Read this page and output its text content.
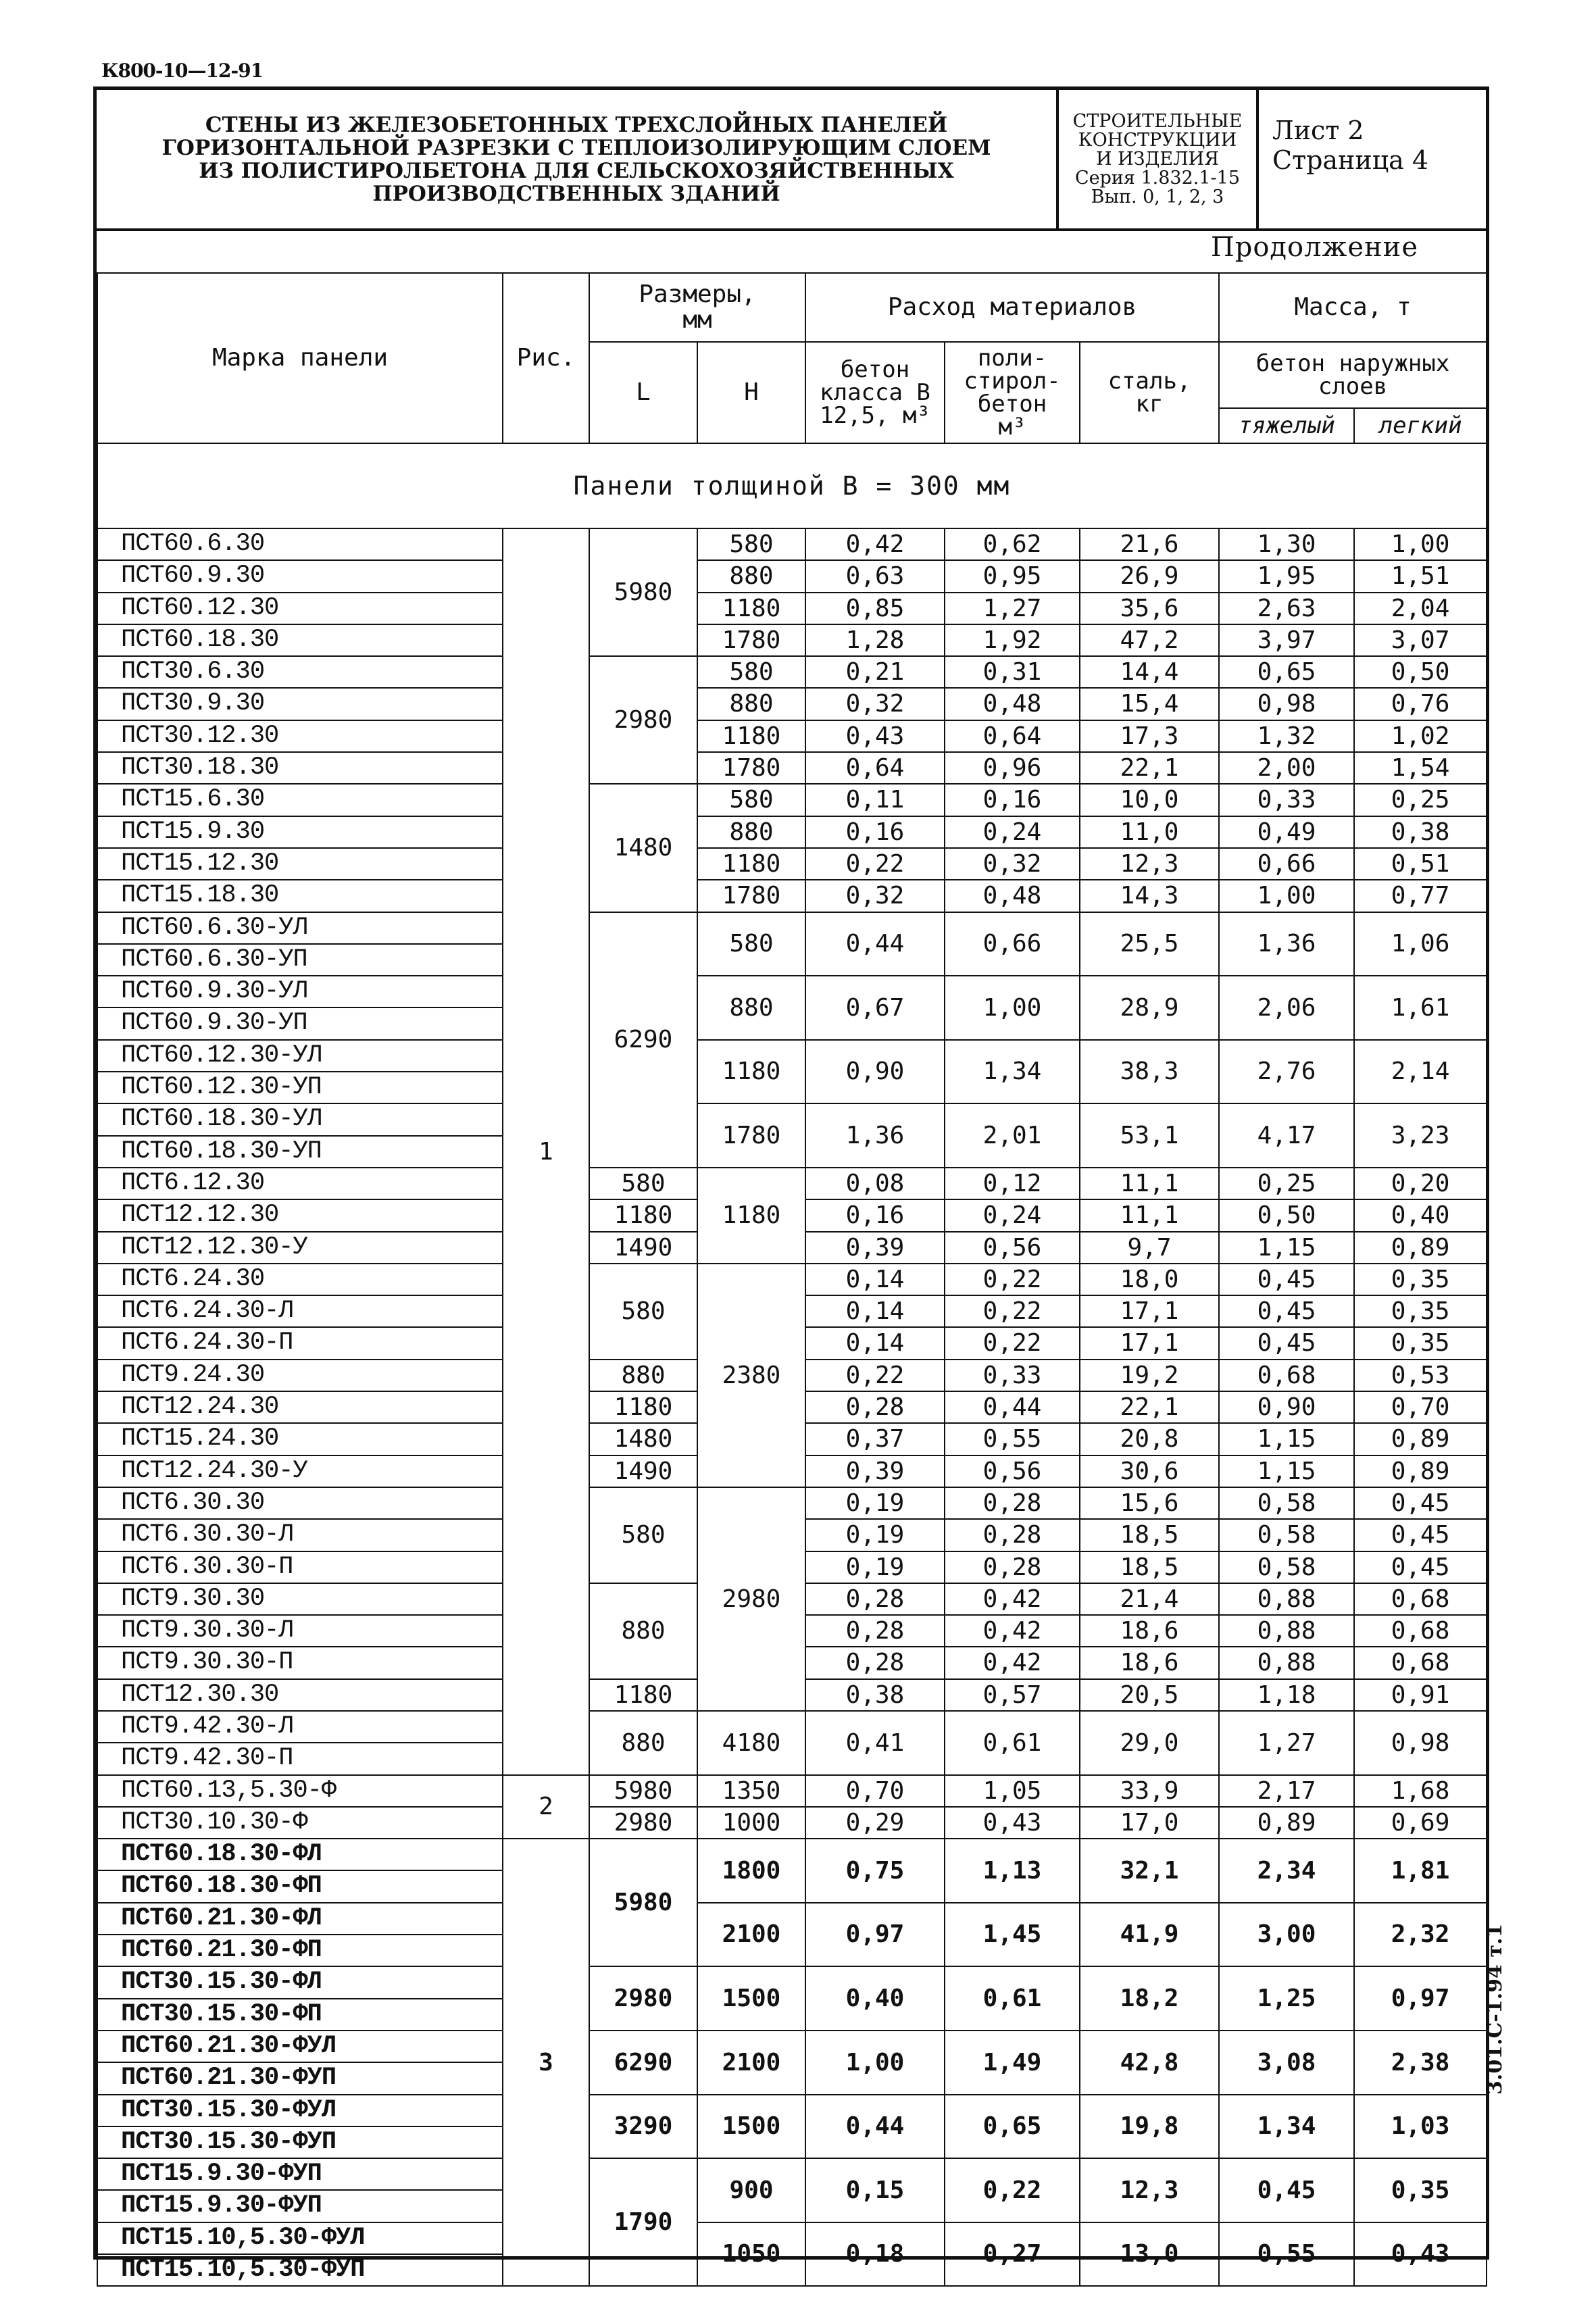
К800-10—12-91
3.01.С-1.94 т.1
СТЕНЫ ИЗ ЖЕЛЕЗОБЕТОННЫХ ТРЕХСЛОЙНЫХ ПАНЕЛЕЙ
ГОРИЗОНТАЛЬНОЙ РАЗРЕЗКИ С ТЕПЛОИЗОЛИРУЮЩИМ СЛОЕМ
ИЗ ПОЛИСТИРОЛБЕТОНА ДЛЯ СЕЛЬСКОХОЗЯЙСТВЕННЫХ
ПРОИЗВОДСТВЕННЫХ ЗДАНИЙ
СТРОИТЕЛЬНЫЕ
КОНСТРУКЦИИ
И ИЗДЕЛИЯ
Серия 1.832.1-15
Вып. 0, 1, 2, 3
Лист 2
Страница 4
Продолжение
Марка панели	Рис.	Размеры, мм		Расход материалов			Масса, т	
		L	H	бетон класса В 12,5, м³	поли- стирол- бетон м³	сталь, кг	бетон наружных слоев	
							тяжелый	легкий
Панели толщиной В = 300 мм								
ПСТ60.6.30	1	5980	580	0,42	0,62	21,6	1,30	1,00
ПСТ60.9.30			880	0,63	0,95	26,9	1,95	1,51
ПСТ60.12.30			1180	0,85	1,27	35,6	2,63	2,04
ПСТ60.18.30			1780	1,28	1,92	47,2	3,97	3,07
ПСТ30.6.30		2980	580	0,21	0,31	14,4	0,65	0,50
ПСТ30.9.30			880	0,32	0,48	15,4	0,98	0,76
ПСТ30.12.30			1180	0,43	0,64	17,3	1,32	1,02
ПСТ30.18.30			1780	0,64	0,96	22,1	2,00	1,54
ПСТ15.6.30		1480	580	0,11	0,16	10,0	0,33	0,25
ПСТ15.9.30			880	0,16	0,24	11,0	0,49	0,38
ПСТ15.12.30			1180	0,22	0,32	12,3	0,66	0,51
ПСТ15.18.30			1780	0,32	0,48	14,3	1,00	0,77
ПСТ60.6.30-УЛ		6290	580	0,44	0,66	25,5	1,36	1,06
ПСТ60.6.30-УП								
ПСТ60.9.30-УЛ			880	0,67	1,00	28,9	2,06	1,61
ПСТ60.9.30-УП								
ПСТ60.12.30-УЛ			1180	0,90	1,34	38,3	2,76	2,14
ПСТ60.12.30-УП								
ПСТ60.18.30-УЛ			1780	1,36	2,01	53,1	4,17	3,23
ПСТ60.18.30-УП								
ПСТ6.12.30		580	1180	0,08	0,12	11,1	0,25	0,20
ПСТ12.12.30		1180		0,16	0,24	11,1	0,50	0,40
ПСТ12.12.30-У		1490		0,39	0,56	9,7	1,15	0,89
ПСТ6.24.30		580	2380	0,14	0,22	18,0	0,45	0,35
ПСТ6.24.30-Л				0,14	0,22	17,1	0,45	0,35
ПСТ6.24.30-П				0,14	0,22	17,1	0,45	0,35
ПСТ9.24.30		880		0,22	0,33	19,2	0,68	0,53
ПСТ12.24.30		1180		0,28	0,44	22,1	0,90	0,70
ПСТ15.24.30		1480		0,37	0,55	20,8	1,15	0,89
ПСТ12.24.30-У		1490		0,39	0,56	30,6	1,15	0,89
ПСТ6.30.30		580	2980	0,19	0,28	15,6	0,58	0,45
ПСТ6.30.30-Л				0,19	0,28	18,5	0,58	0,45
ПСТ6.30.30-П				0,19	0,28	18,5	0,58	0,45
ПСТ9.30.30		880		0,28	0,42	21,4	0,88	0,68
ПСТ9.30.30-Л				0,28	0,42	18,6	0,88	0,68
ПСТ9.30.30-П				0,28	0,42	18,6	0,88	0,68
ПСТ12.30.30		1180		0,38	0,57	20,5	1,18	0,91
ПСТ9.42.30-Л		880	4180	0,41	0,61	29,0	1,27	0,98
ПСТ9.42.30-П								
ПСТ60.13,5.30-Ф	2	5980	1350	0,70	1,05	33,9	2,17	1,68
ПСТ30.10.30-Ф		2980	1000	0,29	0,43	17,0	0,89	0,69
ПСТ60.18.30-ФЛ	3	5980	1800	0,75	1,13	32,1	2,34	1,81
ПСТ60.18.30-ФП								
ПСТ60.21.30-ФЛ			2100	0,97	1,45	41,9	3,00	2,32
ПСТ60.21.30-ФП								
ПСТ30.15.30-ФЛ		2980	1500	0,40	0,61	18,2	1,25	0,97
ПСТ30.15.30-ФП								
ПСТ60.21.30-ФУЛ		6290	2100	1,00	1,49	42,8	3,08	2,38
ПСТ60.21.30-ФУП								
ПСТ30.15.30-ФУЛ		3290	1500	0,44	0,65	19,8	1,34	1,03
ПСТ30.15.30-ФУП								
ПСТ15.9.30-ФУП		1790	900	0,15	0,22	12,3	0,45	0,35
ПСТ15.9.30-ФУП								
ПСТ15.10,5.30-ФУЛ			1050	0,18	0,27	13,0	0,55	0,43
ПСТ15.10,5.30-ФУП								
